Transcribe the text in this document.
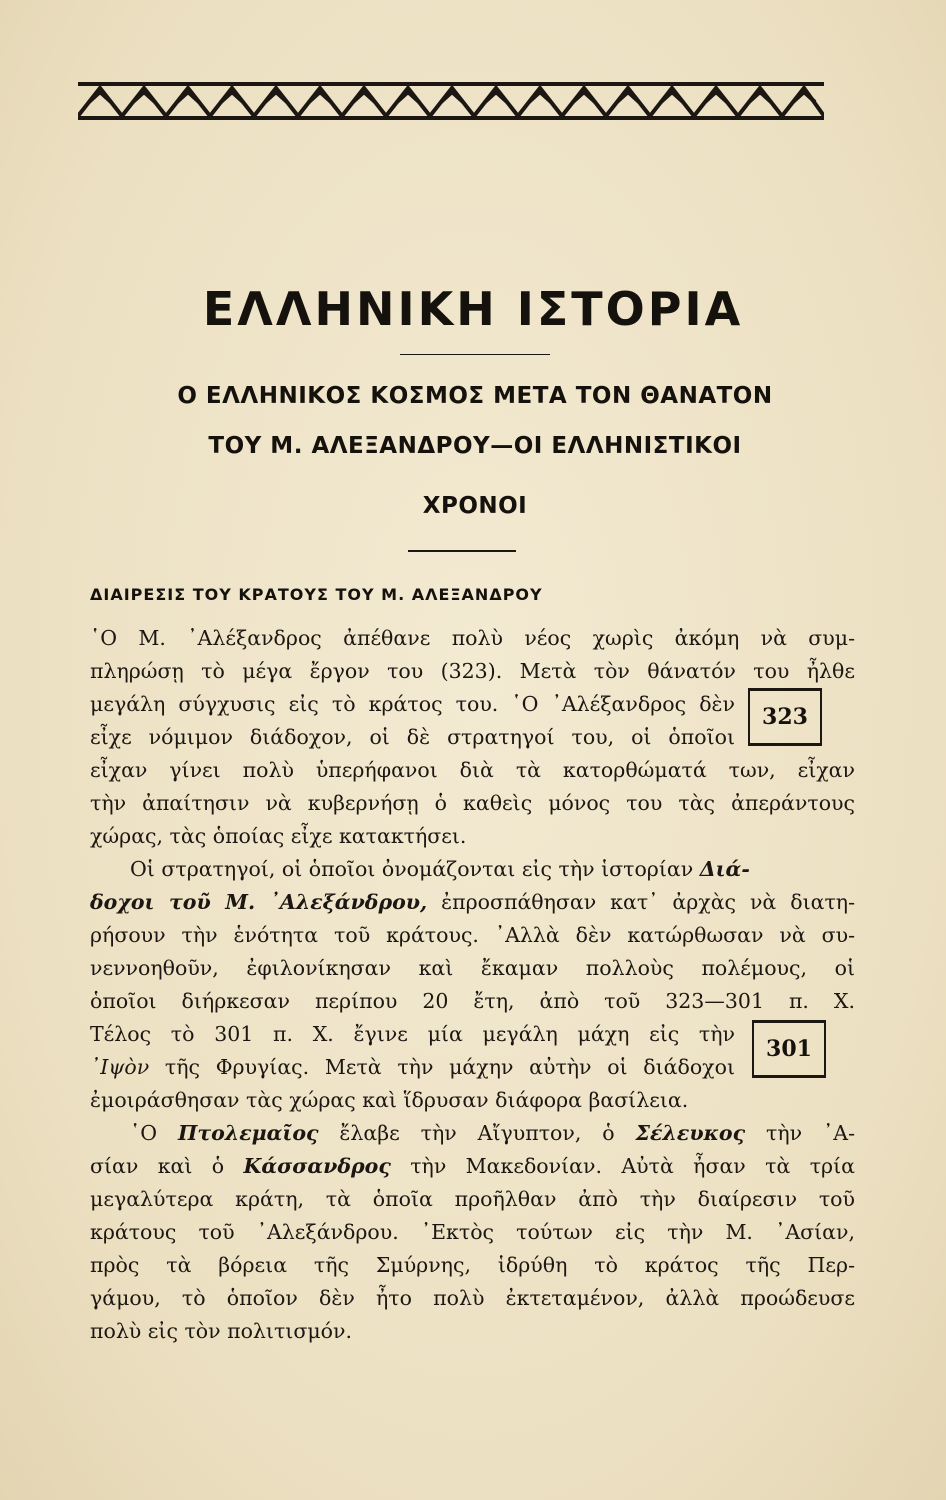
ΕΛΛΗΝΙΚΗ ΙΣΤΟΡΙΑ
Ο ΕΛΛΗΝΙΚΟΣ ΚΟΣΜΟΣ ΜΕΤΑ ΤΟΝ ΘΑΝΑΤΟΝ
ΤΟΥ Μ. ΑΛΕΞΑΝΔΡΟΥ—ΟΙ ΕΛΛΗΝΙΣΤΙΚΟΙ
ΧΡΟΝΟΙ
ΔΙΑΙΡΕΣΙΣ ΤΟΥ ΚΡΑΤΟΥΣ ΤΟΥ Μ. ΑΛΕΞΑΝΔΡΟΥ
῾Ο Μ. ᾿Αλέξανδρος ἀπέθανε πολὺ νέος χωρὶς ἀκόμη νὰ συμ-
πληρώσῃ τὸ μέγα ἔργον του (323). Μετὰ τὸν θάνατόν του ἦλθε
μεγάλη σύγχυσις εἰς τὸ κράτος του. ῾Ο ᾿Αλέξανδρος δὲν
εἶχε νόμιμον διάδοχον, οἱ δὲ στρατηγοί του, οἱ ὁποῖοι
εἶχαν γίνει πολὺ ὑπερήφανοι διὰ τὰ κατορθώματά των, εἶχαν
τὴν ἀπαίτησιν νὰ κυβερνήσῃ ὁ καθεὶς μόνος του τὰς ἀπεράντους
χώρας, τὰς ὁποίας εἶχε κατακτήσει.
Οἱ στρατηγοί, οἱ ὁποῖοι ὀνομάζονται εἰς τὴν ἱστορίαν Διά-
δοχοι τοῦ Μ. ᾿Αλεξάνδρου, ἐπροσπάθησαν κατ᾿ ἀρχὰς νὰ διατη-
ρήσουν τὴν ἑνότητα τοῦ κράτους. ᾿Αλλὰ δὲν κατώρθωσαν νὰ συ-
νεννοηθοῦν, ἐφιλονίκησαν καὶ ἔκαμαν πολλοὺς πολέμους, οἱ
ὁποῖοι διήρκεσαν περίπου 20 ἔτη, ἀπὸ τοῦ 323—301 π. Χ.
Τέλος τὸ 301 π. Χ. ἔγινε μία μεγάλη μάχη εἰς τὴν
᾿Ιψὸν τῆς Φρυγίας. Μετὰ τὴν μάχην αὐτὴν οἱ διάδοχοι
ἐμοιράσθησαν τὰς χώρας καὶ ἵδρυσαν διάφορα βασίλεια.
῾Ο Πτολεμαῖος ἔλαβε τὴν Αἴγυπτον, ὁ Σέλευκος τὴν ᾿Α-
σίαν καὶ ὁ Κάσσανδρος τὴν Μακεδονίαν. Αὐτὰ ἦσαν τὰ τρία
μεγαλύτερα κράτη, τὰ ὁποῖα προῆλθαν ἀπὸ τὴν διαίρεσιν τοῦ
κράτους τοῦ ᾿Αλεξάνδρου. ᾿Εκτὸς τούτων εἰς τὴν Μ. ᾿Ασίαν,
πρὸς τὰ βόρεια τῆς Σμύρνης, ἱδρύθη τὸ κράτος τῆς Περ-
γάμου, τὸ ὁποῖον δὲν ἦτο πολὺ ἐκτεταμένον, ἀλλὰ προώδευσε
πολὺ εἰς τὸν πολιτισμόν.
323
301
